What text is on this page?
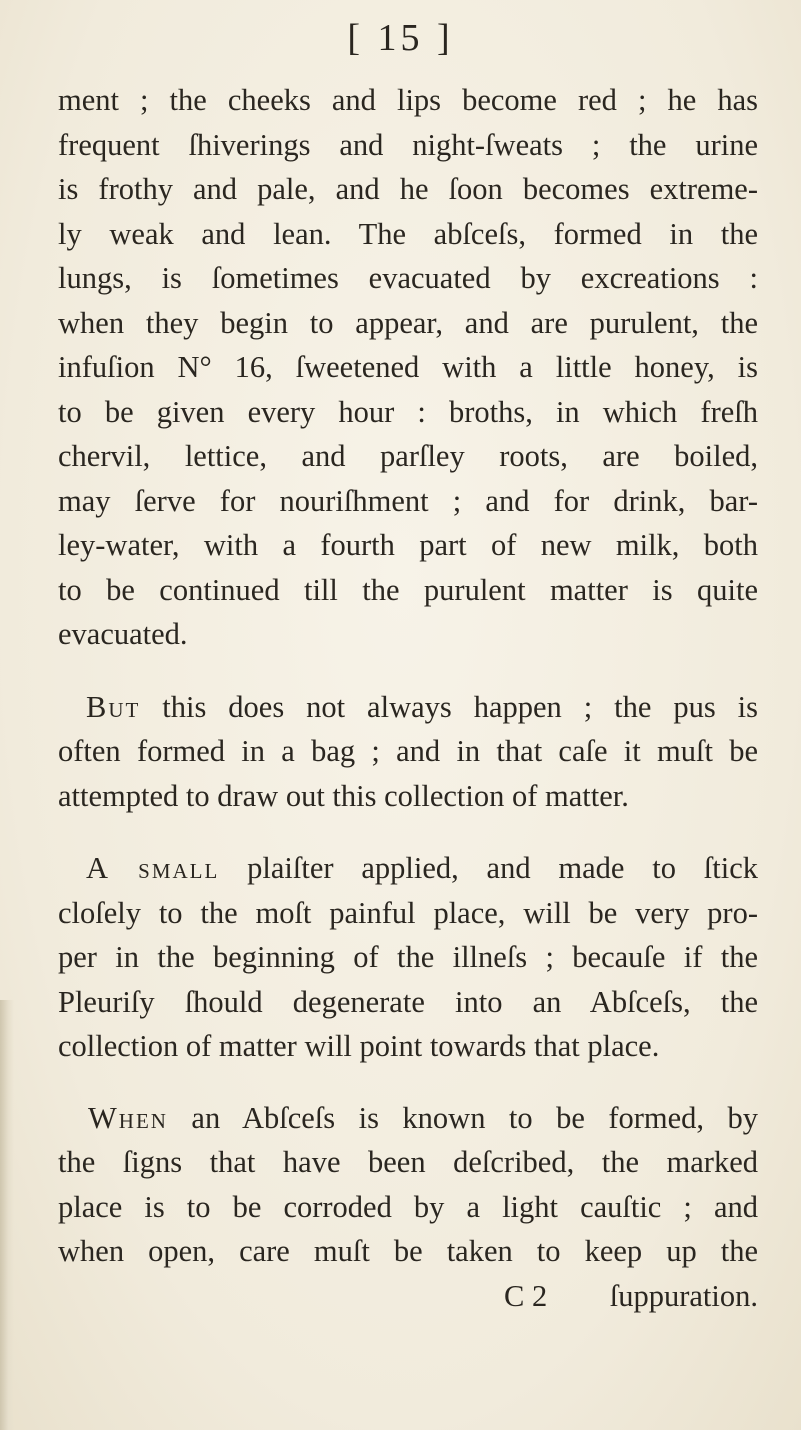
[ 15 ]
ment ; the cheeks and lips become red ; he has
frequent ſhiverings and night-ſweats ; the urine
is frothy and pale, and he ſoon becomes extreme-
ly weak and lean. The abſceſs, formed in the
lungs, is ſometimes evacuated by excreations :
when they begin to appear, and are purulent, the
infuſion N° 16, ſweetened with a little honey, is
to be given every hour : broths, in which freſh
chervil, lettice, and parſley roots, are boiled,
may ſerve for nouriſhment ; and for drink, bar-
ley-water, with a fourth part of new milk, both
to be continued till the purulent matter is quite
evacuated.
But this does not always happen ; the pus is
often formed in a bag ; and in that caſe it muſt be
attempted to draw out this collection of matter.
A small plaiſter applied, and made to ſtick
cloſely to the moſt painful place, will be very pro-
per in the beginning of the illneſs ; becauſe if the
Pleuriſy ſhould degenerate into an Abſceſs, the
collection of matter will point towards that place.
When an Abſceſs is known to be formed, by
the ſigns that have been deſcribed, the marked
place is to be corroded by a light cauſtic ; and
when open, care muſt be taken to keep up the
C 2 ſuppuration.
